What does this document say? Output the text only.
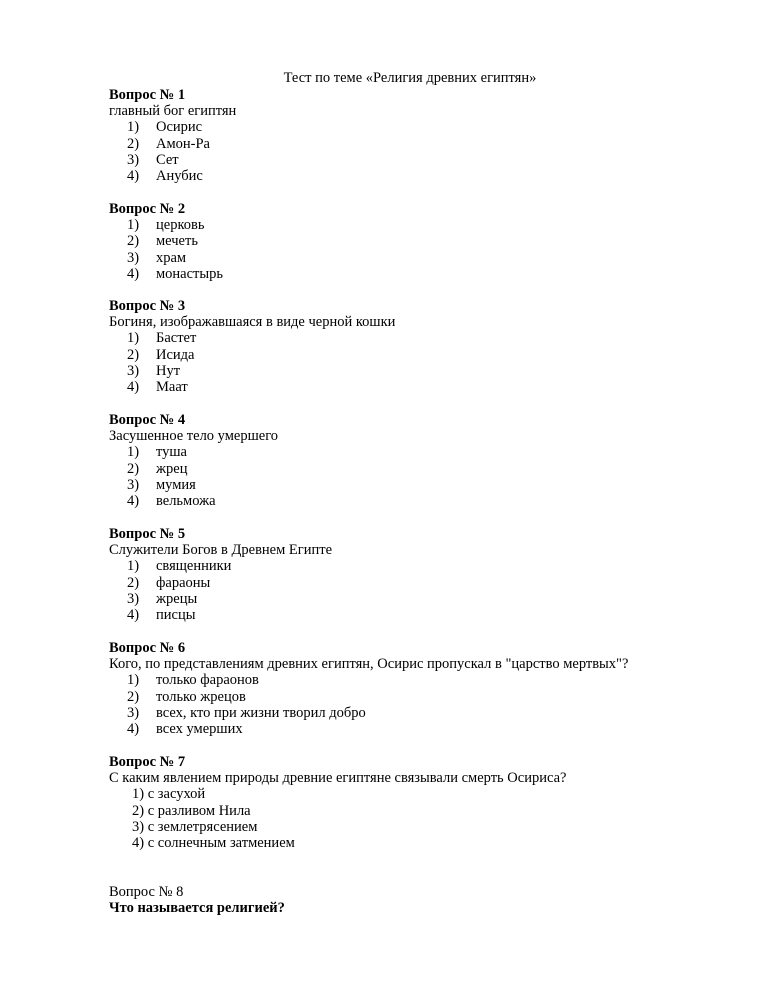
Тест по теме «Религия древних египтян»
Вопрос № 1
главный бог египтян
1)	Осирис
2)	Амон-Ра
3)	Сет
4)	Анубис
Вопрос № 2
1)	церковь
2)	мечеть
3)	храм
4)	монастырь
Вопрос № 3
Богиня, изображавшаяся в виде черной кошки
1)	Бастет
2)	Исида
3)	Нут
4)	Маат
Вопрос № 4
Засушенное тело умершего
1)	туша
2)	жрец
3)	мумия
4)	вельможа
Вопрос № 5
Служители Богов в Древнем Египте
1)	священники
2)	фараоны
3)	жрецы
4)	писцы
Вопрос № 6
Кого, по представлениям древних египтян, Осирис пропускал в "царство мертвых"?
1)	только фараонов
2)	только жрецов
3)	всех, кто при жизни творил добро
4)	всех умерших
Вопрос № 7
С каким явлением природы древние египтяне связывали смерть Осириса?
1) с засухой
2) с разливом Нила
3) с землетрясением
4) с солнечным затмением
Вопрос № 8
Что называется религией?
